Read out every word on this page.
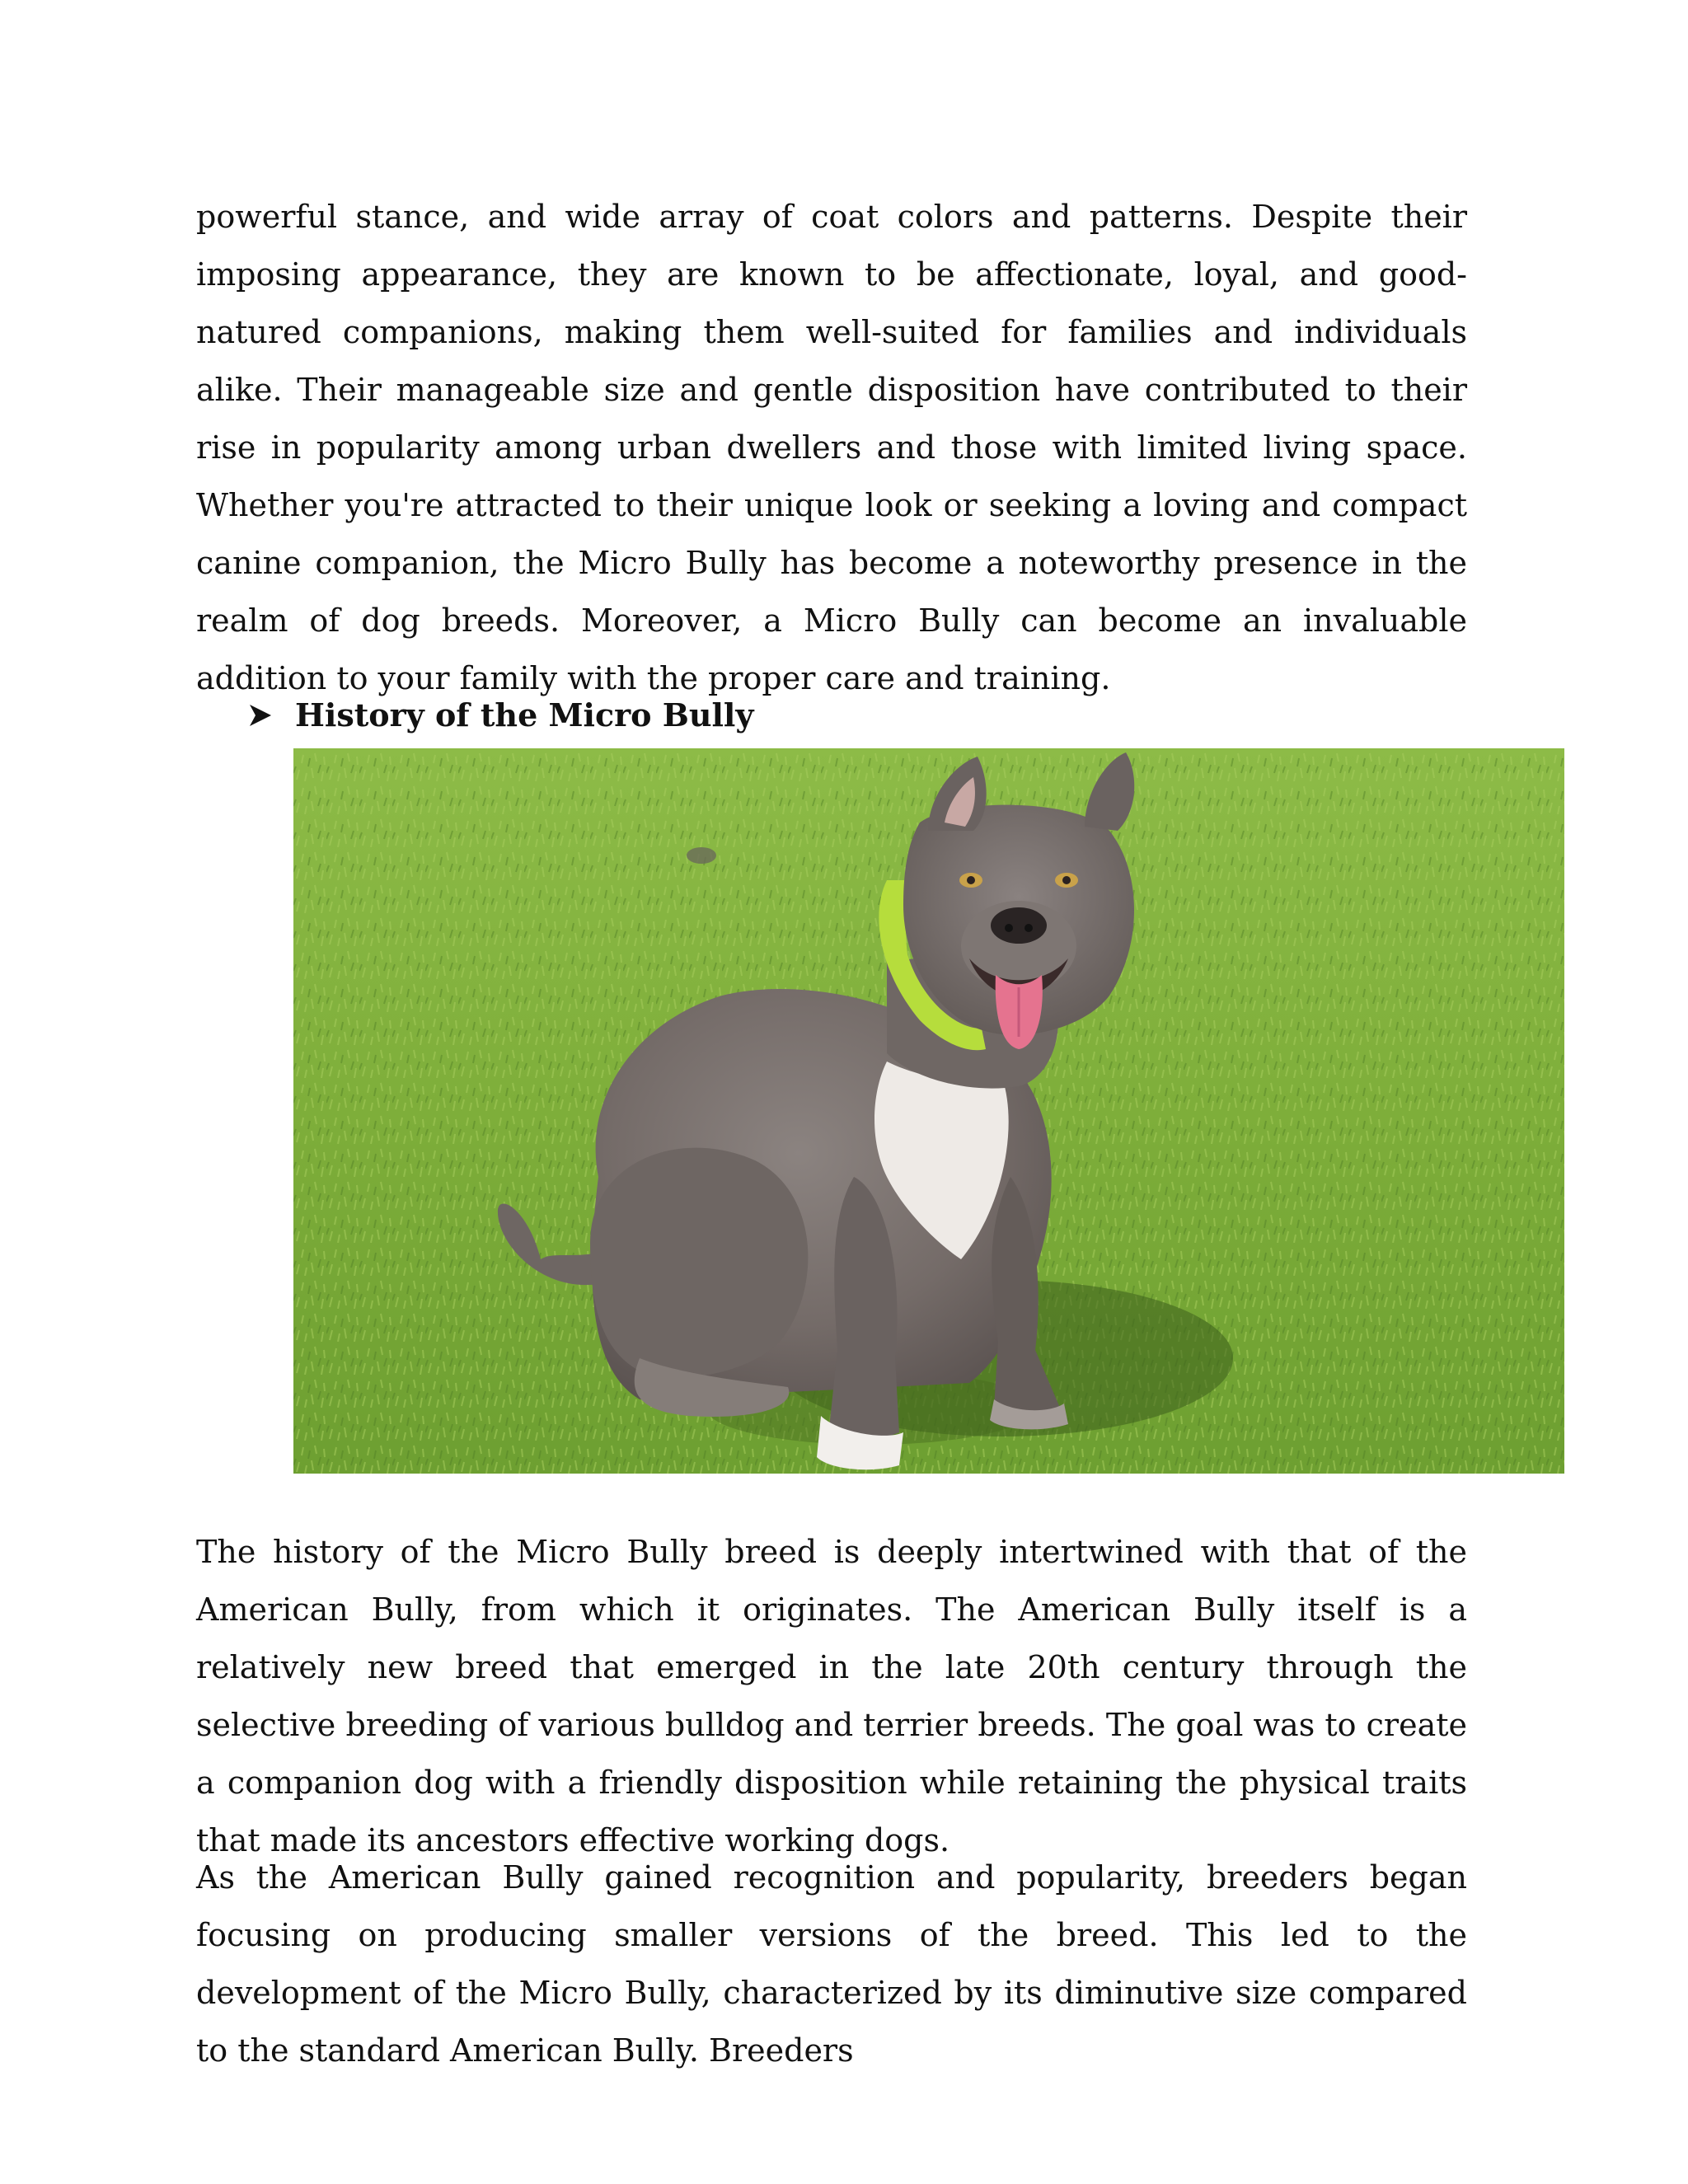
powerful stance, and wide array of coat colors and patterns. Despite their imposing appearance, they are known to be affectionate, loyal, and good-natured companions, making them well-suited for families and individuals alike. Their manageable size and gentle disposition have contributed to their rise in popularity among urban dwellers and those with limited living space. Whether you're attracted to their unique look or seeking a loving and compact canine companion, the Micro Bully has become a noteworthy presence in the realm of dog breeds. Moreover, a Micro Bully can become an invaluable addition to your family with the proper care and training.

History of the Micro Bully

The history of the Micro Bully breed is deeply intertwined with that of the American Bully, from which it originates. The American Bully itself is a relatively new breed that emerged in the late 20th century through the selective breeding of various bulldog and terrier breeds. The goal was to create a companion dog with a friendly disposition while retaining the physical traits that made its ancestors effective working dogs.

As the American Bully gained recognition and popularity, breeders began focusing on producing smaller versions of the breed. This led to the development of the Micro Bully, characterized by its diminutive size compared to the standard American Bully. Breeders
